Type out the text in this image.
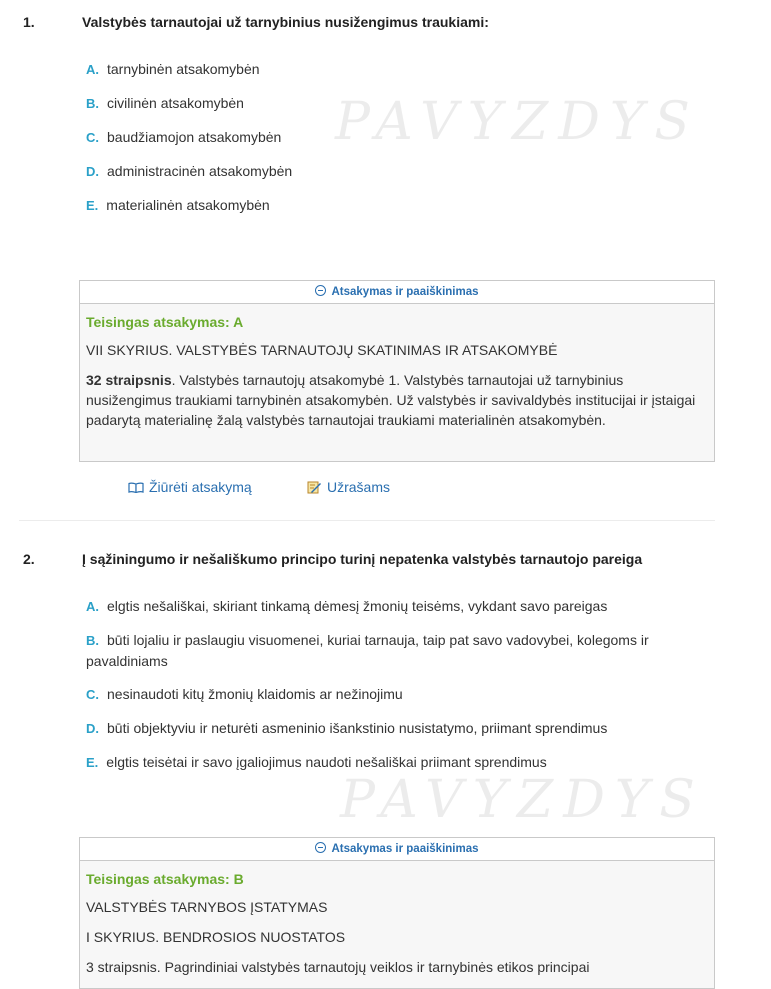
1.	Valstybės tarnautojai už tarnybinius nusižengimus traukiami:
A. tarnybinėn atsakomybėn
B. civilinėn atsakomybėn
C. baudžiamojon atsakomybėn
D. administracinėn atsakomybėn
E. materialinėn atsakomybėn
PAVYZDYS
Atsakymas ir paaiškinimas
Teisingas atsakymas: A
VII SKYRIUS. VALSTYBĖS TARNAUTOJŲ SKATINIMAS IR ATSAKOMYBĖ
32 straipsnis. Valstybės tarnautojų atsakomybė 1. Valstybės tarnautojai už tarnybinius nusižengimus traukiami tarnybinėn atsakomybėn. Už valstybės ir savivaldybės institucijai ir įstaigai padarytą materialinę žalą valstybės tarnautojai traukiami materialinėn atsakomybėn.
Žiūrėti atsakymą	Užrašams
2.	Į sąžiningumo ir nešališkumo principo turinį nepatenka valstybės tarnautojo pareiga
A. elgtis nešališkai, skiriant tinkamą dėmesį žmonių teisėms, vykdant savo pareigas
B. būti lojaliu ir paslaugiu visuomenei, kuriai tarnauja, taip pat savo vadovybei, kolegoms ir pavaldiniams
C. nesinaudoti kitų žmonių klaidomis ar nežinojimu
D. būti objektyviu ir neturėti asmeninio išankstinio nusistatymo, priimant sprendimus
E. elgtis teisėtai ir savo įgaliojimus naudoti nešališkai priimant sprendimus
PAVYZDYS
Atsakymas ir paaiškinimas
Teisingas atsakymas: B
VALSTYBĖS TARNYBOS ĮSTATYMAS
I SKYRIUS. BENDROSIOS NUOSTATOS
3 straipsnis. Pagrindiniai valstybės tarnautojų veiklos ir tarnybinės etikos principai
